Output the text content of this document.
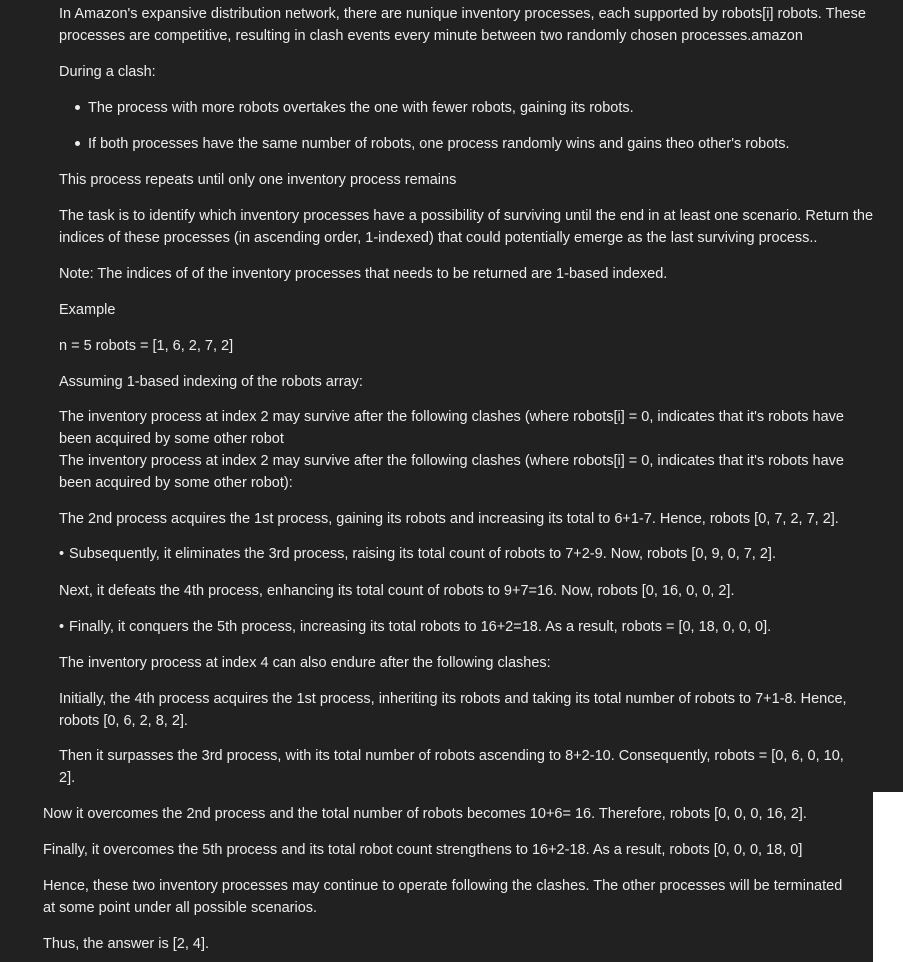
In Amazon's expansive distribution network, there are nunique inventory processes, each supported by robots[i] robots. These
processes are competitive, resulting in clash events every minute between two randomly chosen processes.amazon
During a clash:
The process with more robots overtakes the one with fewer robots, gaining its robots.
If both processes have the same number of robots, one process randomly wins and gains theo other's robots.
This process repeats until only one inventory process remains
The task is to identify which inventory processes have a possibility of surviving until the end in at least one scenario. Return the
indices of these processes (in ascending order, 1-indexed) that could potentially emerge as the last surviving process..
Note: The indices of of the inventory processes that needs to be returned are 1-based indexed.
Example
n = 5 robots = [1, 6, 2, 7, 2]
Assuming 1-based indexing of the robots array:
The inventory process at index 2 may survive after the following clashes (where robots[i] = 0, indicates that it's robots have
been acquired by some other robot
The inventory process at index 2 may survive after the following clashes (where robots[i] = 0, indicates that it's robots have
been acquired by some other robot):
The 2nd process acquires the 1st process, gaining its robots and increasing its total to 6+1-7. Hence, robots [0, 7, 2, 7, 2].
• Subsequently, it eliminates the 3rd process, raising its total count of robots to 7+2-9. Now, robots [0, 9, 0, 7, 2].
Next, it defeats the 4th process, enhancing its total count of robots to 9+7=16. Now, robots [0, 16, 0, 0, 2].
• Finally, it conquers the 5th process, increasing its total robots to 16+2=18. As a result, robots = [0, 18, 0, 0, 0].
The inventory process at index 4 can also endure after the following clashes:
Initially, the 4th process acquires the 1st process, inheriting its robots and taking its total number of robots to 7+1-8. Hence,
robots [0, 6, 2, 8, 2].
Then it surpasses the 3rd process, with its total number of robots ascending to 8+2-10. Consequently, robots = [0, 6, 0, 10,
2].
Now it overcomes the 2nd process and the total number of robots becomes 10+6= 16. Therefore, robots [0, 0, 0, 16, 2].
Finally, it overcomes the 5th process and its total robot count strengthens to 16+2-18. As a result, robots [0, 0, 0, 18, 0]
Hence, these two inventory processes may continue to operate following the clashes. The other processes will be terminated
at some point under all possible scenarios.
Thus, the answer is [2, 4].
